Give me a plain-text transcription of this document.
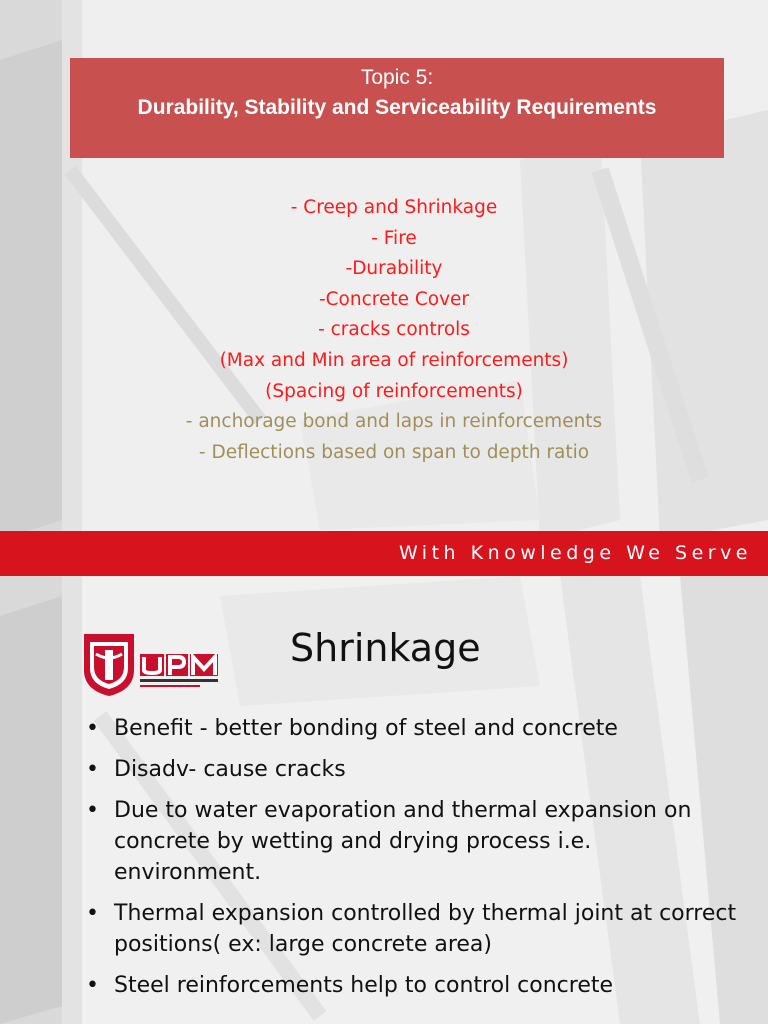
Topic 5:
Durability, Stability and Serviceability Requirements
- Creep and Shrinkage
- Fire
-Durability
-Concrete Cover
- cracks controls
(Max and Min area of reinforcements)
(Spacing of reinforcements)
- anchorage bond and laps in reinforcements
- Deflections based on span to depth ratio
With Knowledge We Serve
Shrinkage
• Benefit - better bonding of steel and concrete
• Disadv- cause cracks
• Due to water evaporation and thermal expansion on concrete by wetting and drying process i.e. environment.
• Thermal expansion controlled by thermal joint at correct positions( ex: large concrete area)
• Steel reinforcements help to control concrete
